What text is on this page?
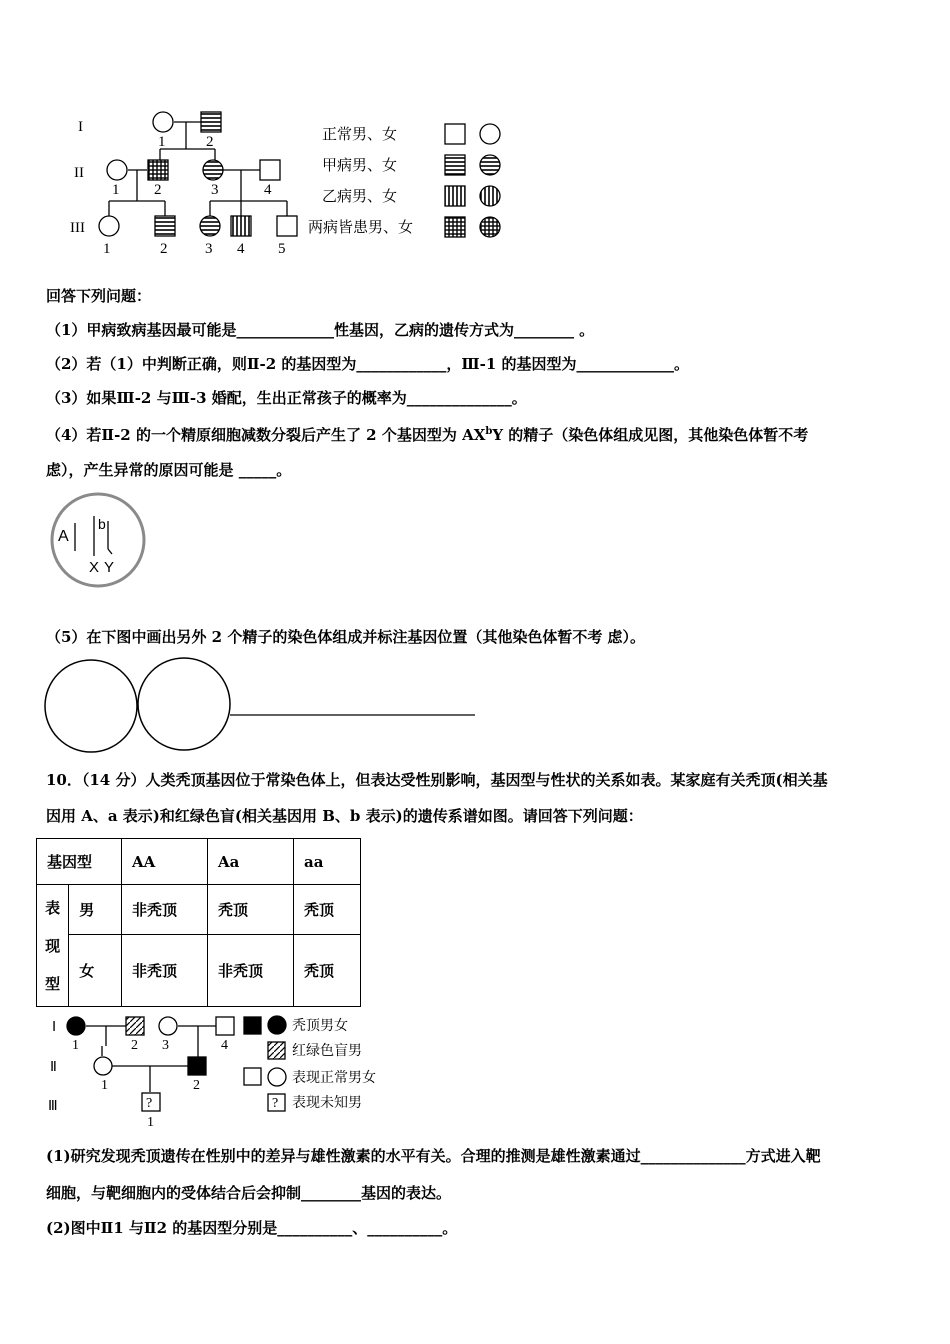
I
II
III
1	2
1 2	3	4
1	2	3 4 5
正常男、女
甲病男、女
乙病男、女
两病皆患男、女
回答下列问题：
（1）甲病致病基因最可能是_____________性基因，乙病的遗传方式为________ 。
（2）若（1）中判断正确，则Ⅱ-2 的基因型为____________，Ⅲ-1 的基因型为_____________。
（3）如果Ⅲ-2 与Ⅲ-3 婚配，生出正常孩子的概率为______________。
（4）若Ⅱ-2 的一个精原细胞减数分裂后产生了 2 个基因型为 $AX^bY$ 的精子（染色体组成见图，其他染色体暂不考
虑），产生异常的原因可能是 _____。
A
b
X Y
（5）在下图中画出另外 2 个精子的染色体组成并标注基因位置（其他染色体暂不考 虑）。
10．（14 分）人类秃顶基因位于常染色体上，但表达受性别影响，基因型与性状的关系如表。某家庭有关秃顶(相关基
因用 A、a 表示)和红绿色盲(相关基因用 B、b 表示)的遗传系谱如图。请回答下列问题：
基因型		AA	Aa	aa

表
现
型	男	非秃顶	秃顶	秃顶
	女	非秃顶	非秃顶	秃顶
Ⅰ
Ⅱ
Ⅲ
1	2 3	4
1	2
1
?	?
秃顶男女
红绿色盲男
表现正常男女
表现未知男
(1)研究发现秃顶遗传在性别中的差异与雄性激素的水平有关。合理的推测是雄性激素通过______________方式进入靶
细胞，与靶细胞内的受体结合后会抑制________基因的表达。
(2)图中Ⅱ1 与Ⅱ2 的基因型分别是__________、__________。
